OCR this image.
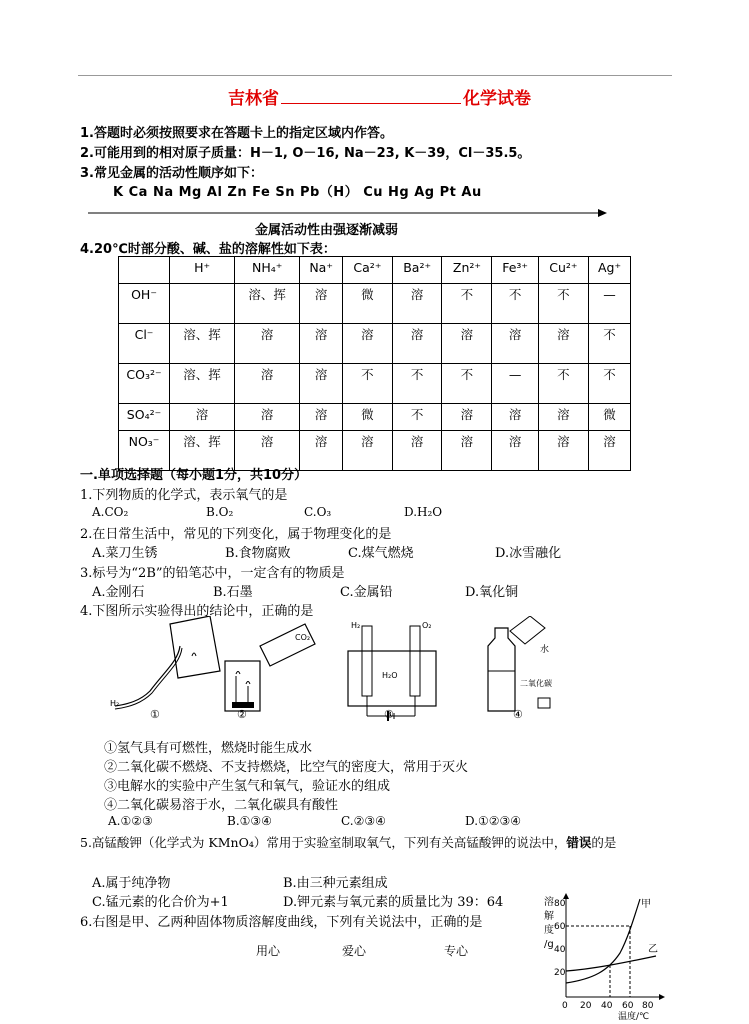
吉林省	化学试卷
1.答题时必须按照要求在答题卡上的指定区域内作答。
2.可能用到的相对原子质量：H－1, O－16, Na－23, K－39，Cl－35.5。
3.常见金属的活动性顺序如下：
K Ca Na Mg Al Zn Fe Sn Pb（H） Cu Hg Ag Pt Au
金属活动性由强逐渐减弱
4.20℃时部分酸、碱、盐的溶解性如下表：
	H⁺	NH₄⁺	Na⁺	Ca²⁺	Ba²⁺	Zn²⁺	Fe³⁺	Cu²⁺	Ag⁺
OH⁻		溶、挥	溶	微	溶	不	不	不	—
Cl⁻	溶、挥	溶	溶	溶	溶	溶	溶	溶	不
CO₃²⁻	溶、挥	溶	溶	不	不	不	—	不	不
SO₄²⁻	溶	溶	溶	微	不	溶	溶	溶	微
NO₃⁻	溶、挥	溶	溶	溶	溶	溶	溶	溶	溶
一.单项选择题（每小题1分，共10分）
1.下列物质的化学式，表示氧气的是
A.CO₂	B.O₂	C.O₃	D.H₂O
2.在日常生活中，常见的下列变化，属于物理变化的是
A.菜刀生锈	B.食物腐败	C.煤气燃烧	D.冰雪融化
3.标号为“2B”的铅笔芯中，一定含有的物质是
A.金刚石	B.石墨	C.金属铅	D.氧化铜
4.下图所示实验得出的结论中，正确的是
CO₂
H₂	O₂
H₂O
水
二氧化碳
H₂
①	②	③	④
①氢气具有可燃性，燃烧时能生成水
②二氧化碳不燃烧、不支持燃烧，比空气的密度大，常用于灭火
③电解水的实验中产生氢气和氧气，验证水的组成
④二氧化碳易溶于水，二氧化碳具有酸性
A.①②③	B.①③④	C.②③④	D.①②③④
5.高锰酸钾（化学式为 KMnO₄）常用于实验室制取氧气，下列有关高锰酸钾的说法中，错误的是
A.属于纯净物	B.由三种元素组成
C.锰元素的化合价为+1	D.钾元素与氧元素的质量比为 39：64
6.右图是甲、乙两种固体物质溶解度曲线，下列有关说法中，正确的是
用心	爱心	专心
溶
解
度
/g
80
60
40
20
0 20 40 60 80
甲
乙
温度/℃
